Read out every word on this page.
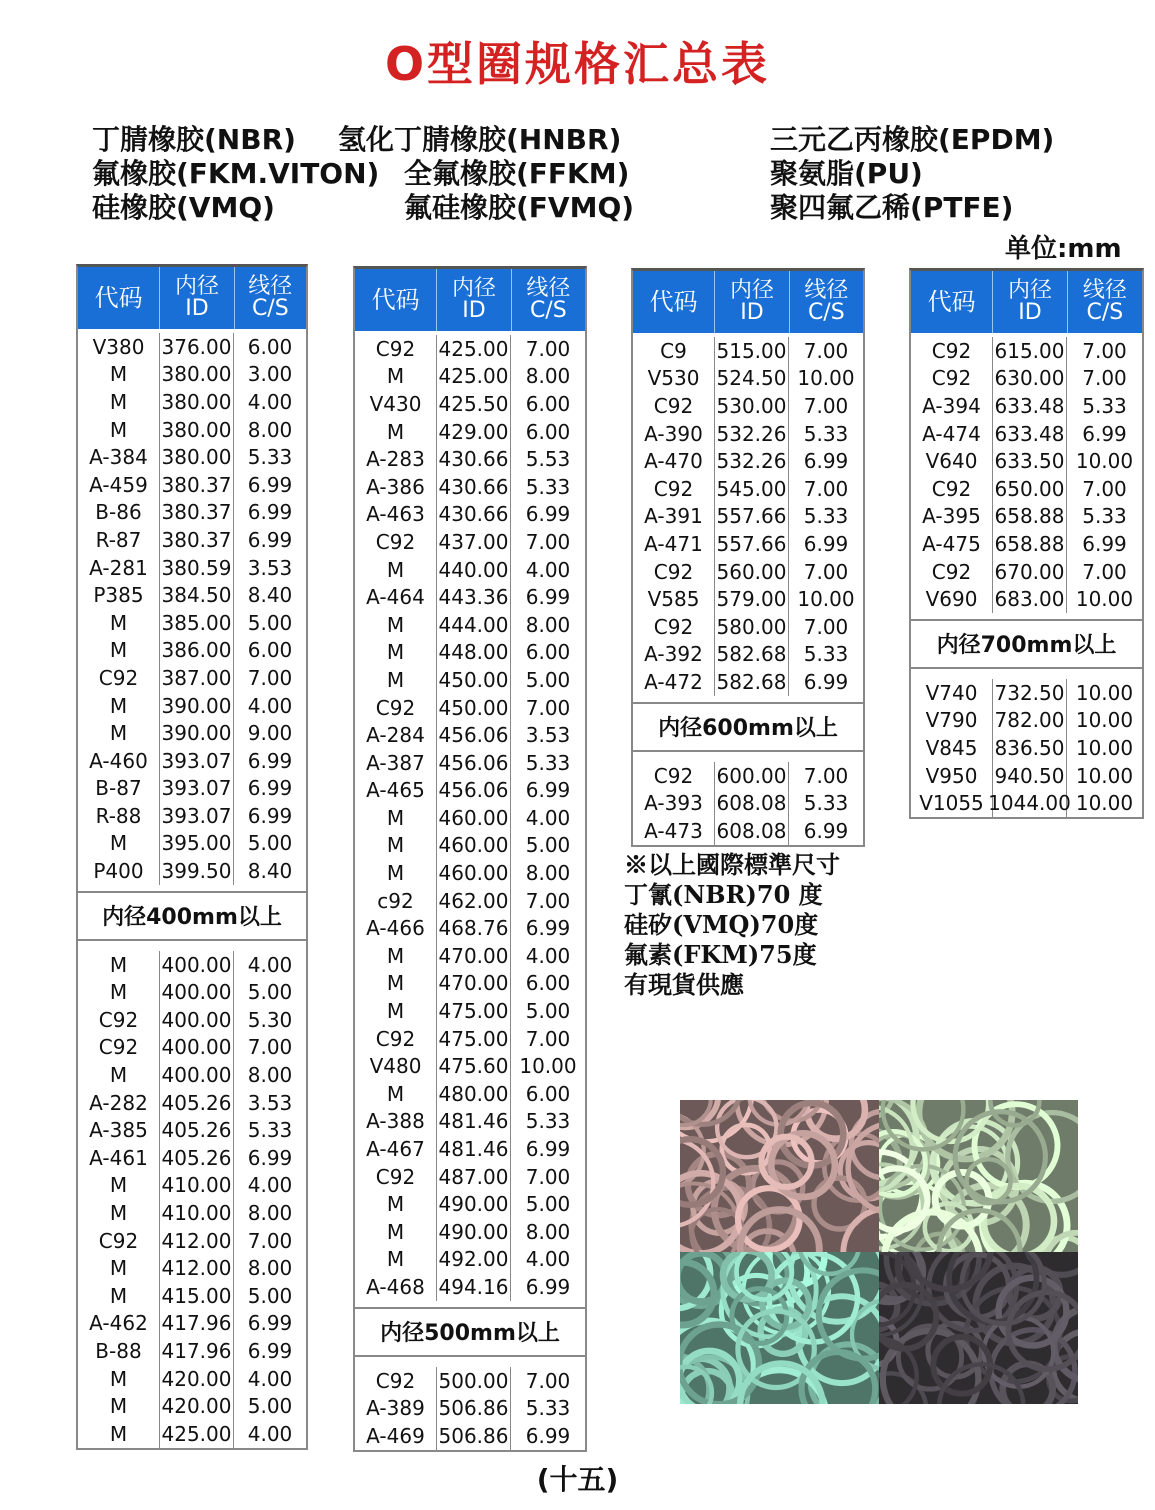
O型圈规格汇总表
丁腈橡胶(NBR)
氟橡胶(FKM.VITON)
硅橡胶(VMQ)
氢化丁腈橡胶(HNBR)
全氟橡胶(FFKM)
氟硅橡胶(FVMQ)
三元乙丙橡胶(EPDM)
聚氨脂(PU)
聚四氟乙稀(PTFE)
单位:mm
代码 内径
ID
线径
C/S
V380 376.00 6.00
M	380.00 3.00
M	380.00 4.00
M	380.00 8.00
A-384 380.00 5.33
A-459 380.37 6.99
B-86 380.37 6.99
R-87	380.37 6.99
A-281 380.59 3.53
P385 384.50 8.40
M	385.00 5.00
M	386.00 6.00
C92	387.00 7.00
M	390.00 4.00
M	390.00 9.00
A-460 393.07 6.99
B-87 393.07 6.99
R-88	393.07 6.99
M	395.00 5.00
P400 399.50 8.40
内径400mm以上
M	400.00 4.00
M	400.00 5.00
C92	400.00 5.30
C92	400.00 7.00
M	400.00 8.00
A-282 405.26 3.53
A-385 405.26 5.33
A-461 405.26 6.99
M	410.00 4.00
M	410.00 8.00
C92	412.00 7.00
M	412.00 8.00
M	415.00 5.00
A-462 417.96 6.99
B-88 417.96 6.99
M	420.00 4.00
M	420.00 5.00
M	425.00 4.00
代码 内径
ID
线径
C/S
C92	425.00 7.00
M	425.00 8.00
V430 425.50 6.00
M	429.00 6.00
A-283 430.66 5.53
A-386 430.66 5.33
A-463 430.66 6.99
C92	437.00 7.00
M	440.00 4.00
A-464 443.36 6.99
M	444.00 8.00
M	448.00 6.00
M	450.00 5.00
C92	450.00 7.00
A-284 456.06 3.53
A-387 456.06 5.33
A-465 456.06 6.99
M	460.00 4.00
M	460.00 5.00
M	460.00 8.00
c92	462.00 7.00
A-466 468.76 6.99
M	470.00 4.00
M	470.00 6.00
M	475.00 5.00
C92	475.00 7.00
V480 475.60 10.00
M	480.00 6.00
A-388 481.46 5.33
A-467 481.46 6.99
C92	487.00 7.00
M	490.00 5.00
M	490.00 8.00
M	492.00 4.00
A-468 494.16 6.99
内径500mm以上
C92	500.00 7.00
A-389 506.86 5.33
A-469 506.86 6.99
代码 内径
ID
线径
C/S
C9	515.00 7.00
V530 524.50 10.00
C92	530.00 7.00
A-390 532.26 5.33
A-470 532.26 6.99
C92	545.00 7.00
A-391 557.66 5.33
A-471 557.66 6.99
C92	560.00 7.00
V585 579.00 10.00
C92	580.00 7.00
A-392 582.68 5.33
A-472 582.68 6.99
内径600mm以上
C92	600.00 7.00
A-393 608.08 5.33
A-473 608.08 6.99
代码 内径
ID
线径
C/S
C92	615.00 7.00
C92	630.00 7.00
A-394 633.48 5.33
A-474 633.48 6.99
V640 633.50 10.00
C92	650.00 7.00
A-395 658.88 5.33
A-475 658.88 6.99
C92	670.00 7.00
V690 683.00 10.00
内径700mm以上
V740 732.50 10.00
V790 782.00 10.00
V845 836.50 10.00
V950 940.50 10.00
V1055 1044.00 10.00
※以上國際標準尺寸
丁氰(NBR)70 度
硅矽(VMQ)70度
氟素(FKM)75度
有現貨供應
(十五)
